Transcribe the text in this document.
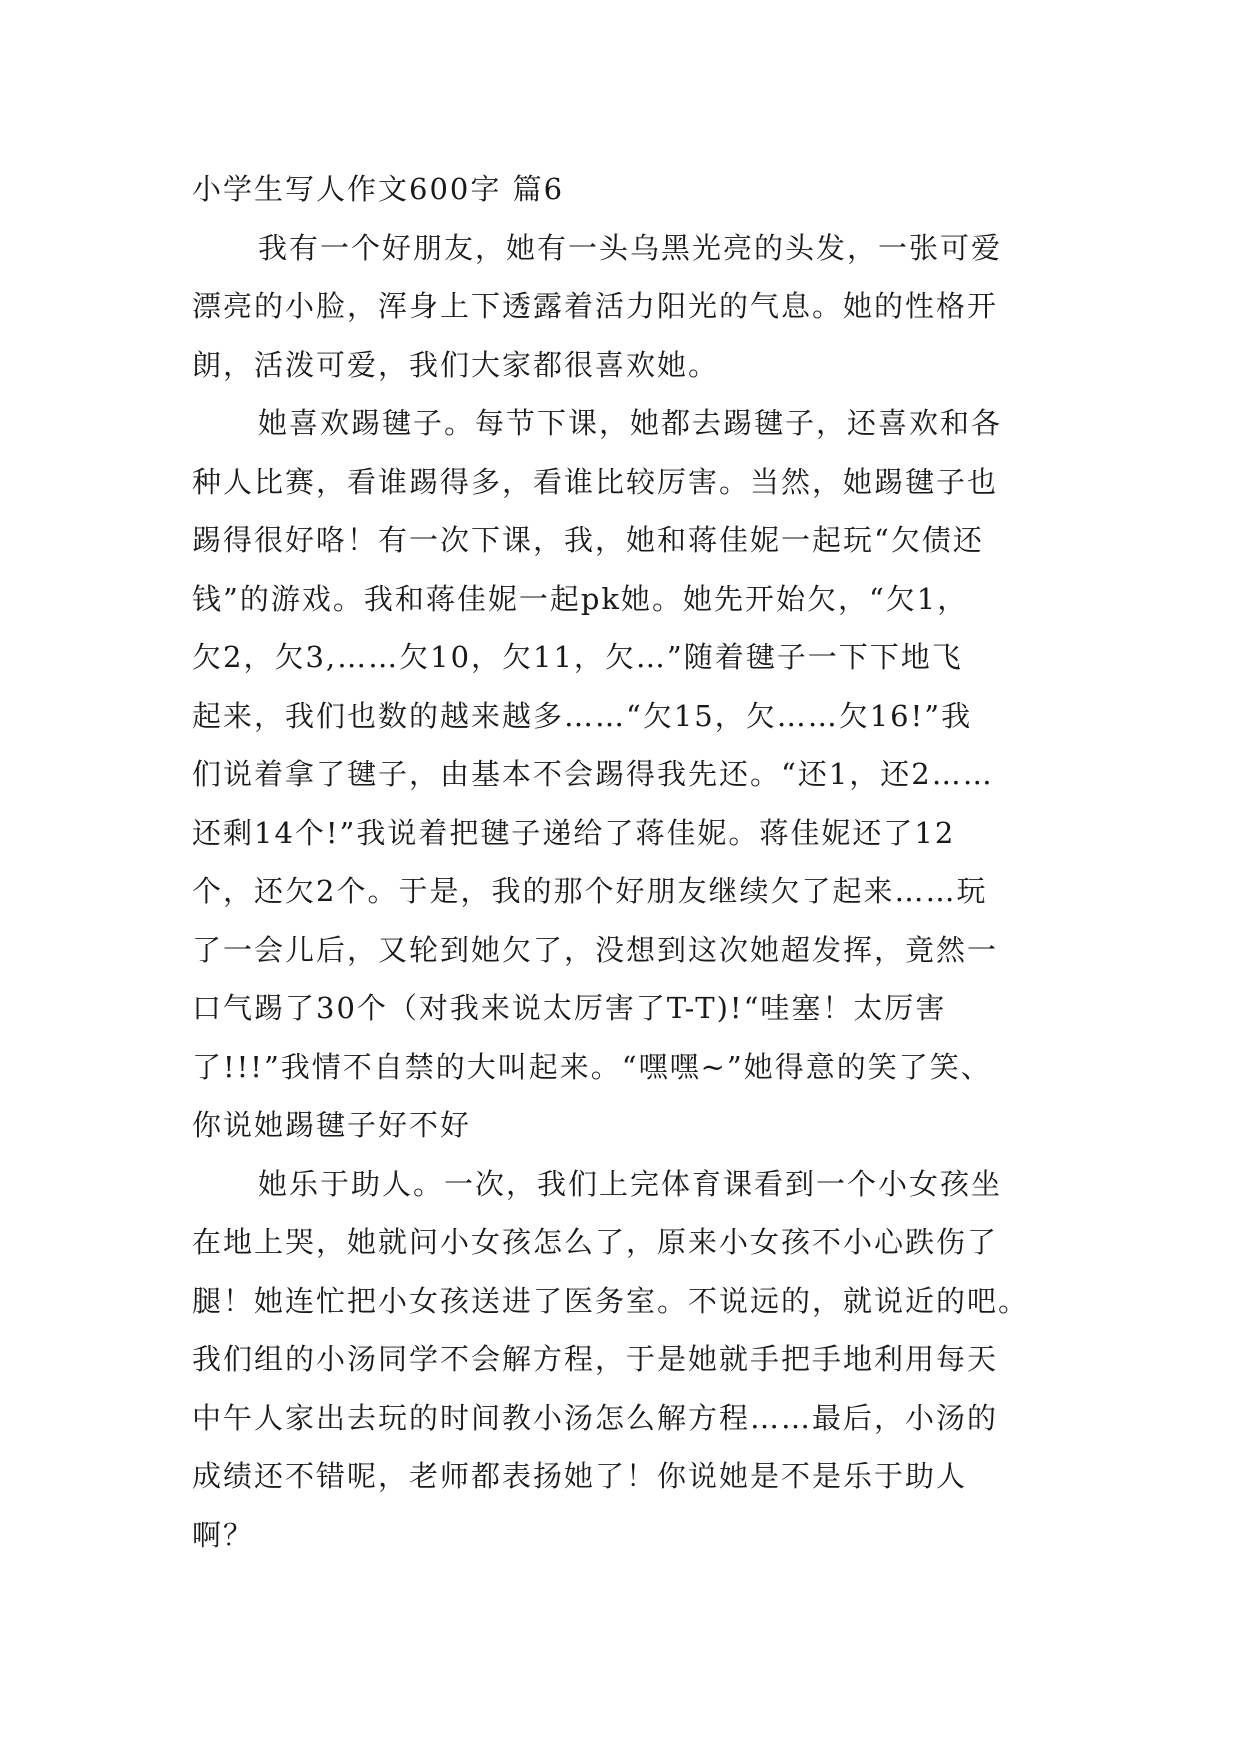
小学生写人作文600字 篇6
我有一个好朋友，她有一头乌黑光亮的头发，一张可爱
漂亮的小脸，浑身上下透露着活力阳光的气息。她的性格开
朗，活泼可爱，我们大家都很喜欢她。
她喜欢踢毽子。每节下课，她都去踢毽子，还喜欢和各
种人比赛，看谁踢得多，看谁比较厉害。当然，她踢毽子也
踢得很好咯！有一次下课，我，她和蒋佳妮一起玩“欠债还
钱”的游戏。我和蒋佳妮一起pk她。她先开始欠，“欠1，
欠2，欠3,……欠10，欠11，欠…”随着毽子一下下地飞
起来，我们也数的越来越多……“欠15，欠……欠16!”我
们说着拿了毽子，由基本不会踢得我先还。“还1，还2……
还剩14个!”我说着把毽子递给了蒋佳妮。蒋佳妮还了12
个，还欠2个。于是，我的那个好朋友继续欠了起来……玩
了一会儿后，又轮到她欠了，没想到这次她超发挥，竟然一
口气踢了30个（对我来说太厉害了T-T)!“哇塞！太厉害
了!!!”我情不自禁的大叫起来。“嘿嘿~”她得意的笑了笑、
你说她踢毽子好不好
她乐于助人。一次，我们上完体育课看到一个小女孩坐
在地上哭，她就问小女孩怎么了，原来小女孩不小心跌伤了
腿！她连忙把小女孩送进了医务室。不说远的，就说近的吧。
我们组的小汤同学不会解方程，于是她就手把手地利用每天
中午人家出去玩的时间教小汤怎么解方程……最后，小汤的
成绩还不错呢，老师都表扬她了！你说她是不是乐于助人
啊？
